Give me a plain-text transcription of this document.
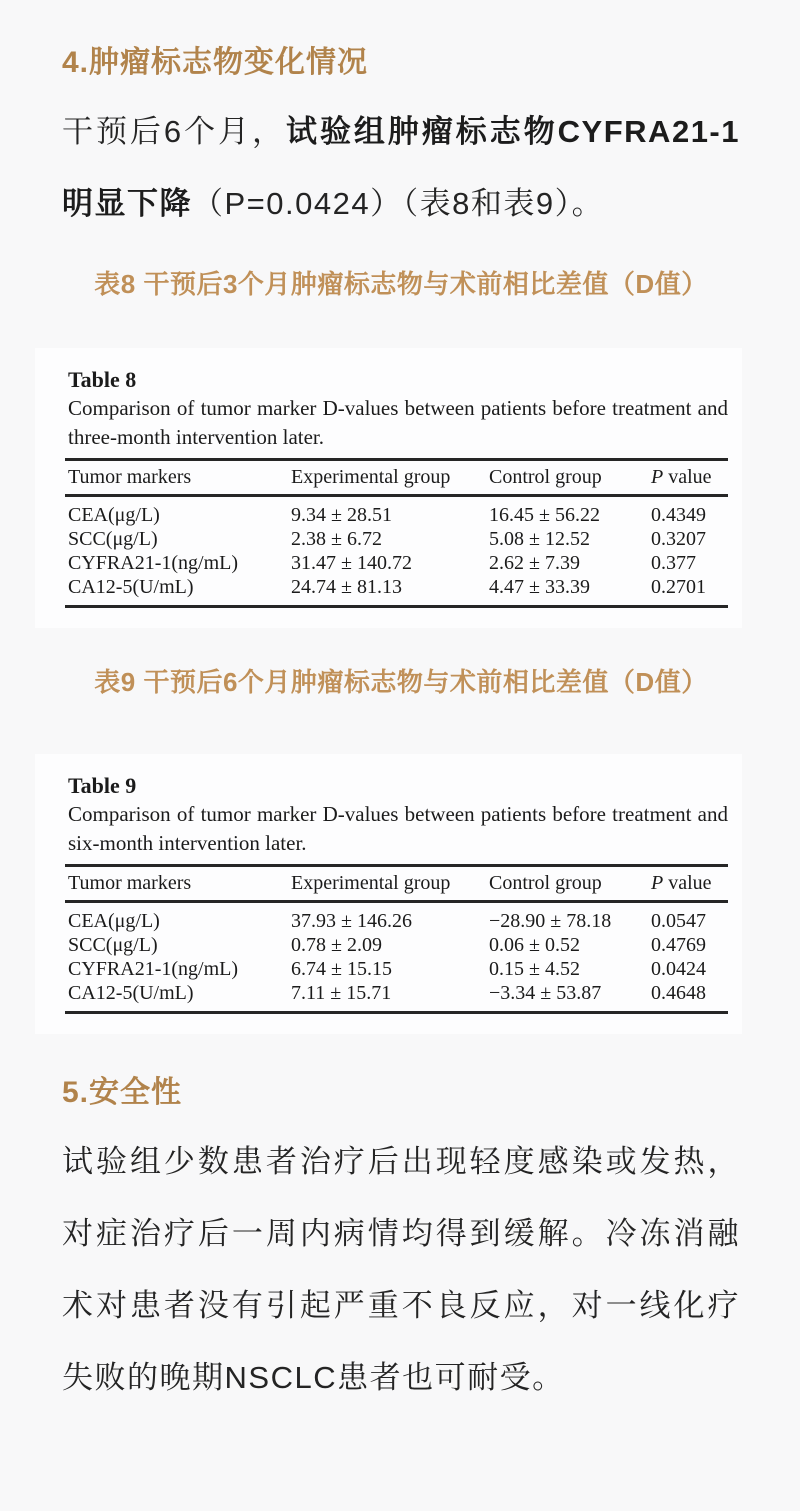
4.肿瘤标志物变化情况

干预后6个月，试验组肿瘤标志物CYFRA21-1明显下降（P=0.0424）（表8和表9）。

表8 干预后3个月肿瘤标志物与术前相比差值（D值）
Table 8
Comparison of tumor marker D-values between patients before treatment and three-month intervention later.
Tumor markers	Experimental group	Control group	P value
CEA(μg/L)	9.34 ± 28.51	16.45 ± 56.22	0.4349
SCC(μg/L)	2.38 ± 6.72	5.08 ± 12.52	0.3207
CYFRA21-1(ng/mL)	31.47 ± 140.72	2.62 ± 7.39	0.377
CA12-5(U/mL)	24.74 ± 81.13	4.47 ± 33.39	0.2701
表9 干预后6个月肿瘤标志物与术前相比差值（D值）
Table 9
Comparison of tumor marker D-values between patients before treatment and six-month intervention later.
Tumor markers	Experimental group	Control group	P value
CEA(μg/L)	37.93 ± 146.26	−28.90 ± 78.18	0.0547
SCC(μg/L)	0.78 ± 2.09	0.06 ± 0.52	0.4769
CYFRA21-1(ng/mL)	6.74 ± 15.15	0.15 ± 4.52	0.0424
CA12-5(U/mL)	7.11 ± 15.71	−3.34 ± 53.87	0.4648
5.安全性

试验组少数患者治疗后出现轻度感染或发热，对症治疗后一周内病情均得到缓解。冷冻消融术对患者没有引起严重不良反应，对一线化疗失败的晚期NSCLC患者也可耐受。
